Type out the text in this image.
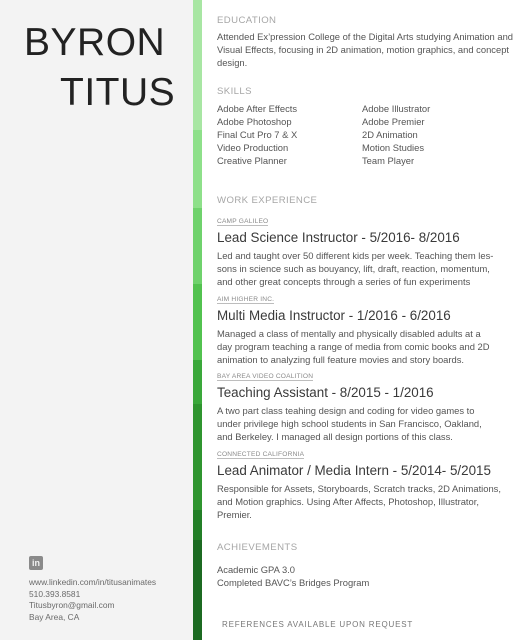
BYRON
TITUS
in
www.linkedin.com/in/titusanimates
510.393.8581
Titusbyron@gmail.com
Bay Area, CA
EDUCATION
Attended Ex’pression College of the Digital Arts studying Animation and Visual Effects, focusing in 2D animation, motion graphics, and concept design.
SKILLS
Adobe After Effects
Adobe Photoshop
Final Cut Pro 7 & X
Video Production
Creative Planner
Adobe Illustrator
Adobe Premier
2D Animation
Motion Studies
Team Player
WORK EXPERIENCE
CAMP GALILEO
Lead Science Instructor - 5/2016- 8/2016
Led and taught over 50 different kids per week. Teaching them les-
sons in science such as bouyancy, lift, draft, reaction, momentum,
and other great concepts through a series of fun experiments
AIM HIGHER INC.
Multi Media Instructor - 1/2016 - 6/2016
Managed a class of mentally and physically disabled adults at a
day program teaching a range of media from comic books and 2D
animation to analyzing full feature movies and story boards.
BAY AREA VIDEO COALITION
Teaching Assistant - 8/2015 - 1/2016
A two part class teahing design and coding for video games to
under privilege high school students in San Francisco, Oakland,
and Berkeley. I managed all design portions of this class.
CONNECTED CALIFORNIA
Lead Animator / Media Intern - 5/2014- 5/2015
Responsible for Assets, Storyboards, Scratch tracks, 2D Animations,
and Motion graphics. Using After Affects, Photoshop, Illustrator,
Premier.
ACHIEVEMENTS
Academic GPA 3.0
Completed BAVC’s Bridges Program
REFERENCES AVAILABLE UPON REQUEST
